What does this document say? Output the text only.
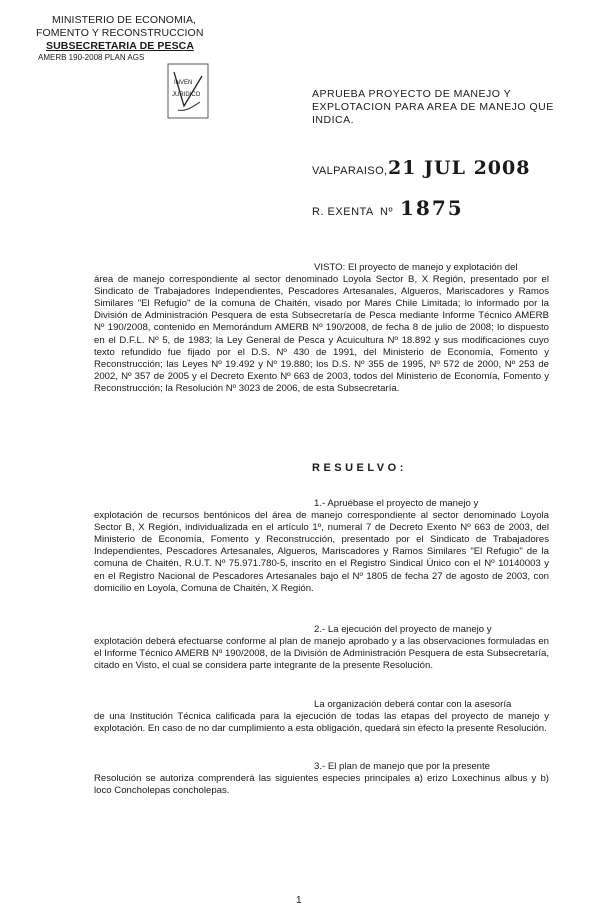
MINISTERIO DE ECONOMIA,
FOMENTO Y RECONSTRUCCION
SUBSECRETARIA DE PESCA
AMERB 190-2008 PLAN AGS
INVEN
JURIDICO	APRUEBA PROYECTO DE MANEJO Y
EXPLOTACION PARA AREA DE MANEJO QUE
INDICA.
VALPARAISO, 21 JUL 2008
R. EXENTA Nº 1875
VISTO: El proyecto de manejo y explotación del
área de manejo correspondiente al sector denominado Loyola Sector B, X Región, presentado por el Sindicato de Trabajadores Independientes, Pescadores Artesanales, Algueros, Mariscadores y Ramos Similares "El Refugio" de la comuna de Chaitén, visado por Mares Chile Limitada; lo informado por la División de Administración Pesquera de esta Subsecretaría de Pesca mediante Informe Técnico AMERB Nº 190/2008, contenido en Memorándum AMERB Nº 190/2008, de fecha 8 de julio de 2008; lo dispuesto en el D.F.L. Nº 5, de 1983; la Ley General de Pesca y Acuicultura Nº 18.892 y sus modificaciones cuyo texto refundido fue fijado por el D.S. Nº 430 de 1991, del Ministerio de Economía, Fomento y Reconstrucción; las Leyes Nº 19.492 y Nº 19.880; los D.S. Nº 355 de 1995, Nº 572 de 2000, Nº 253 de 2002, Nº 357 de 2005 y el Decreto Exento Nº 663 de 2003, todos del Ministerio de Economía, Fomento y Reconstrucción; la Resolución Nº 3023 de 2006, de esta Subsecretaría.
RESUELVO:
1.- Apruébase el proyecto de manejo y
explotación de recursos bentónicos del área de manejo correspondiente al sector denominado Loyola Sector B, X Región, individualizada en el artículo 1º, numeral 7 de Decreto Exento Nº 663 de 2003, del Ministerio de Economía, Fomento y Reconstrucción, presentado por el Sindicato de Trabajadores Independientes, Pescadores Artesanales, Algueros, Mariscadores y Ramos Similares "El Refugio" de la comuna de Chaitén, R.U.T. Nº 75.971.780-5, inscrito en el Registro Sindical Único con el Nº 10140003 y en el Registro Nacional de Pescadores Artesanales bajo el Nº 1805 de fecha 27 de agosto de 2003, con domicilio en Loyola, Comuna de Chaitén, X Región.
2.- La ejecución del proyecto de manejo y
explotación deberá efectuarse conforme al plan de manejo aprobado y a las observaciones formuladas en el Informe Técnico AMERB Nº 190/2008, de la División de Administración Pesquera de esta Subsecretaría, citado en Visto, el cual se considera parte integrante de la presente Resolución.
La organización deberá contar con la asesoría
de una Institución Técnica calificada para la ejecución de todas las etapas del proyecto de manejo y explotación. En caso de no dar cumplimiento a esta obligación, quedará sin efecto la presente Resolución.
3.- El plan de manejo que por la presente
Resolución se autoriza comprenderá las siguientes especies principales a) erizo Loxechinus albus y b) loco Concholepas concholepas.
1
